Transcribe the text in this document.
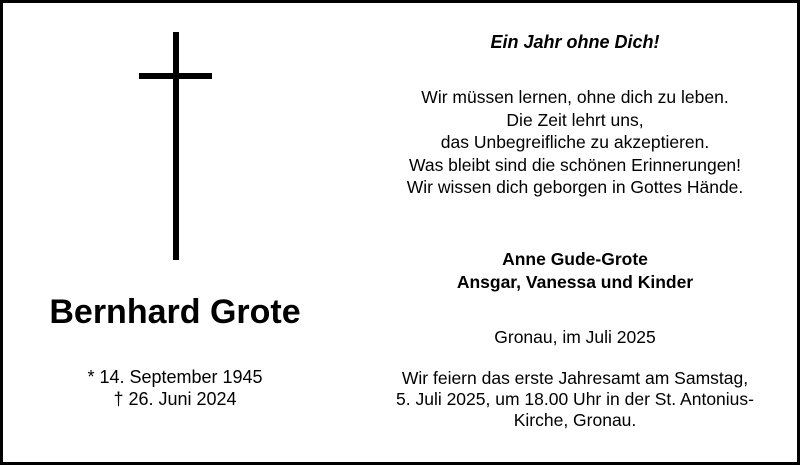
Bernhard Grote
* 14. September 1945
† 26. Juni 2024
Ein Jahr ohne Dich!
Wir müssen lernen, ohne dich zu leben.
Die Zeit lehrt uns,
das Unbegreifliche zu akzeptieren.
Was bleibt sind die schönen Erinnerungen!
Wir wissen dich geborgen in Gottes Hände.
Anne Gude-Grote
Ansgar, Vanessa und Kinder
Gronau, im Juli 2025
Wir feiern das erste Jahresamt am Samstag,
5. Juli 2025, um 18.00 Uhr in der St. Antonius-
Kirche, Gronau.
